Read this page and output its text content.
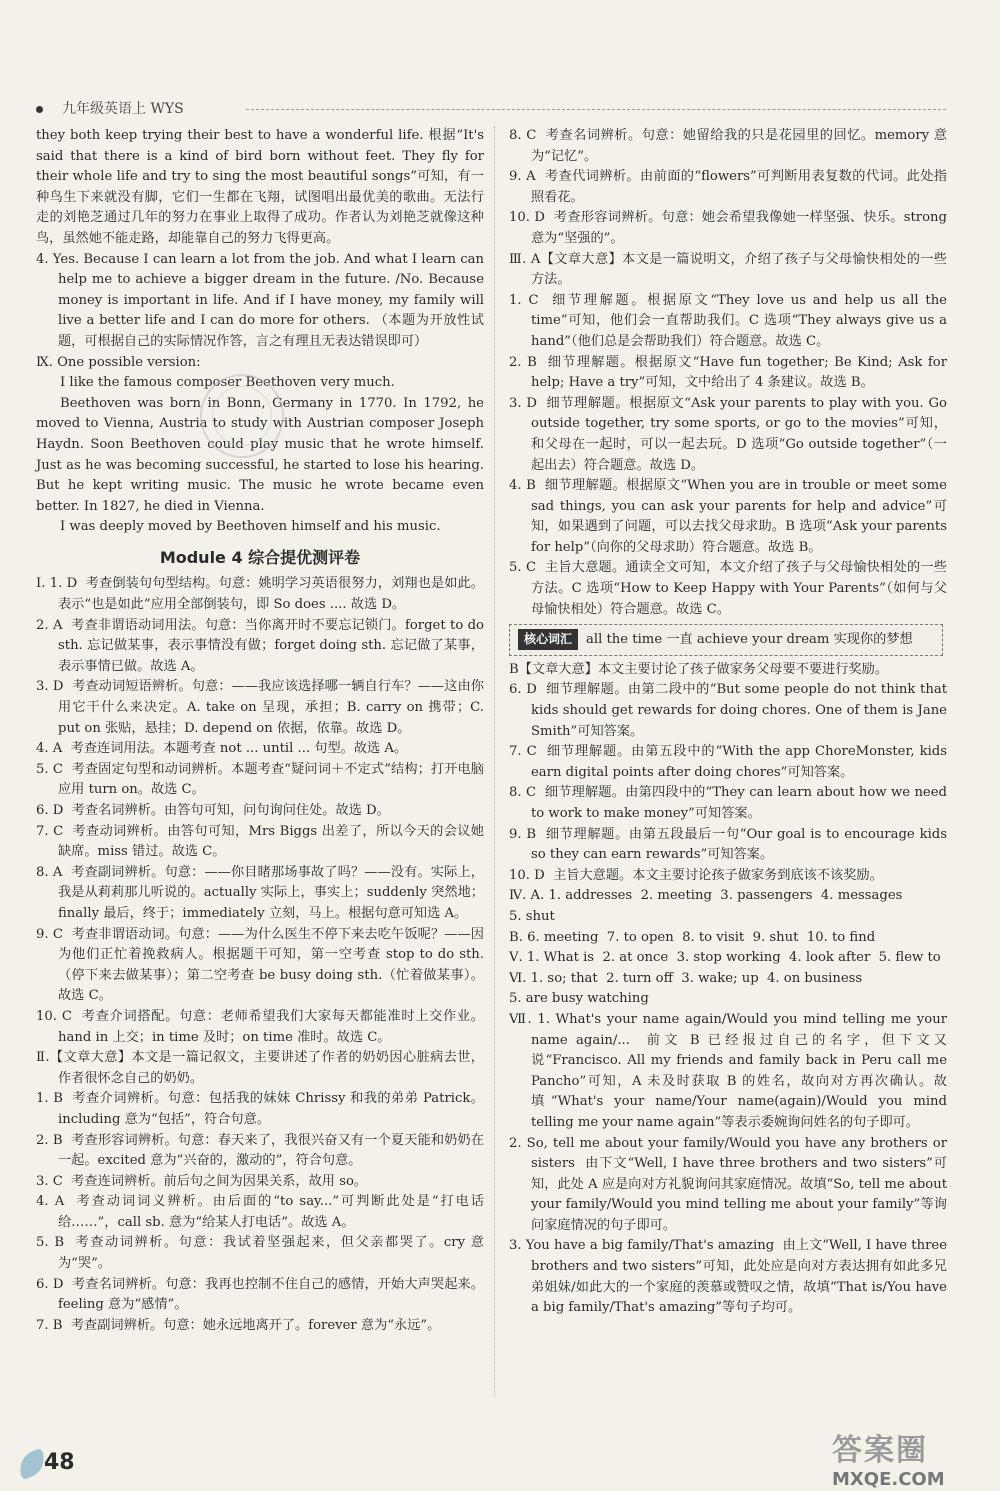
九年级英语上 WYS
they both keep trying their best to have a wonderful life. 根据“It's said that there is a kind of bird born without feet. They fly for their whole life and try to sing the most beautiful songs”可知，有一种鸟生下来就没有脚，它们一生都在飞翔，试图唱出最优美的歌曲。无法行走的刘艳芝通过几年的努力在事业上取得了成功。作者认为刘艳芝就像这种鸟，虽然她不能走路，却能靠自己的努力飞得更高。
4. Yes. Because I can learn a lot from the job. And what I learn can help me to achieve a bigger dream in the future. /No. Because money is important in life. And if I have money, my family will live a better life and I can do more for others. （本题为开放性试题，可根据自己的实际情况作答，言之有理且无表达错误即可）
Ⅸ. One possible version:
I like the famous composer Beethoven very much.
Beethoven was born in Bonn, Germany in 1770. In 1792, he moved to Vienna, Austria to study with Austrian composer Joseph Haydn. Soon Beethoven could play music that he wrote himself. Just as he was becoming successful, he started to lose his hearing. But he kept writing music. The music he wrote became even better. In 1827, he died in Vienna.
I was deeply moved by Beethoven himself and his music.
Module 4 综合提优测评卷
Ⅰ. 1. D  考查倒装句句型结构。句意：姚明学习英语很努力，刘翔也是如此。表示“也是如此”应用全部倒装句，即 So does .... 故选 D。
2. A  考查非谓语动词用法。句意：当你离开时不要忘记锁门。forget to do sth. 忘记做某事，表示事情没有做；forget doing sth. 忘记做了某事，表示事情已做。故选 A。
3. D  考查动词短语辨析。句意：——我应该选择哪一辆自行车？——这由你用它干什么来决定。A. take on 呈现，承担；B. carry on 携带；C. put on 张贴，悬挂；D. depend on 依据，依靠。故选 D。
4. A  考查连词用法。本题考查 not ... until ... 句型。故选 A。
5. C  考查固定句型和动词辨析。本题考查“疑问词＋不定式”结构；打开电脑应用 turn on。故选 C。
6. D  考查名词辨析。由答句可知，问句询问住处。故选 D。
7. C  考查动词辨析。由答句可知，Mrs Biggs 出差了，所以今天的会议她缺席。miss 错过。故选 C。
8. A  考查副词辨析。句意：——你目睹那场事故了吗？——没有。实际上，我是从莉莉那儿听说的。actually 实际上，事实上；suddenly 突然地；finally 最后，终于；immediately 立刻，马上。根据句意可知选 A。
9. C  考查非谓语动词。句意：——为什么医生不停下来去吃午饭呢？——因为他们正忙着挽救病人。根据题干可知，第一空考查 stop to do sth.（停下来去做某事）；第二空考查 be busy doing sth.（忙着做某事）。故选 C。
10. C  考查介词搭配。句意：老师希望我们大家每天都能准时上交作业。hand in 上交；in time 及时；on time 准时。故选 C。
Ⅱ.【文章大意】本文是一篇记叙文，主要讲述了作者的奶奶因心脏病去世，作者很怀念自己的奶奶。
1. B  考查介词辨析。句意：包括我的妹妹 Chrissy 和我的弟弟 Patrick。including 意为“包括”，符合句意。
2. B  考查形容词辨析。句意：春天来了，我很兴奋又有一个夏天能和奶奶在一起。excited 意为“兴奋的，激动的”，符合句意。
3. C  考查连词辨析。前后句之间为因果关系，故用 so。
4. A  考查动词词义辨析。由后面的“to say...”可判断此处是“打电话给……”，call sb. 意为“给某人打电话”。故选 A。
5. B  考查动词辨析。句意：我试着坚强起来，但父亲都哭了。cry 意为“哭”。
6. D  考查名词辨析。句意：我再也控制不住自己的感情，开始大声哭起来。feeling 意为“感情”。
7. B  考查副词辨析。句意：她永远地离开了。forever 意为“永远”。
8. C  考查名词辨析。句意：她留给我的只是花园里的回忆。memory 意为“记忆”。
9. A  考查代词辨析。由前面的“flowers”可判断用表复数的代词。此处指照看花。
10. D  考查形容词辨析。句意：她会希望我像她一样坚强、快乐。strong 意为“坚强的”。
Ⅲ. A【文章大意】本文是一篇说明文，介绍了孩子与父母愉快相处的一些方法。
1. C  细节理解题。根据原文“They love us and help us all the time”可知，他们会一直帮助我们。C 选项“They always give us a hand”（他们总是会帮助我们）符合题意。故选 C。
2. B  细节理解题。根据原文“Have fun together; Be Kind; Ask for help; Have a try”可知，文中给出了 4 条建议。故选 B。
3. D  细节理解题。根据原文“Ask your parents to play with you. Go outside together, try some sports, or go to the movies”可知，和父母在一起时，可以一起去玩。D 选项“Go outside together”（一起出去）符合题意。故选 D。
4. B  细节理解题。根据原文“When you are in trouble or meet some sad things, you can ask your parents for help and advice”可知，如果遇到了问题，可以去找父母求助。B 选项“Ask your parents for help”（向你的父母求助）符合题意。故选 B。
5. C  主旨大意题。通读全文可知，本文介绍了孩子与父母愉快相处的一些方法。C 选项“How to Keep Happy with Your Parents”（如何与父母愉快相处）符合题意。故选 C。
核心词汇 all the time 一直 achieve your dream 实现你的梦想
B【文章大意】本文主要讨论了孩子做家务父母要不要进行奖励。
6. D  细节理解题。由第二段中的“But some people do not think that kids should get rewards for doing chores. One of them is Jane Smith”可知答案。
7. C  细节理解题。由第五段中的“With the app ChoreMonster, kids earn digital points after doing chores”可知答案。
8. C  细节理解题。由第四段中的“They can learn about how we need to work to make money”可知答案。
9. B  细节理解题。由第五段最后一句“Our goal is to encourage kids so they can earn rewards”可知答案。
10. D  主旨大意题。本文主要讨论孩子做家务到底该不该奖励。
Ⅳ. A. 1. addresses  2. meeting  3. passengers  4. messages
5. shut
B. 6. meeting  7. to open  8. to visit  9. shut  10. to find
Ⅴ. 1. What is  2. at once  3. stop working  4. look after  5. flew to
Ⅵ. 1. so; that  2. turn off  3. wake; up  4. on business
5. are busy watching
Ⅶ. 1. What's your name again/Would you mind telling me your name again/...  前文 B 已经报过自己的名字，但下文又说“Francisco. All my friends and family back in Peru call me Pancho”可知，A 未及时获取 B 的姓名，故向对方再次确认。故填“What's your name/Your name(again)/Would you mind telling me your name again”等表示委婉询问姓名的句子即可。
2. So, tell me about your family/Would you have any brothers or sisters  由下文“Well, I have three brothers and two sisters”可知，此处 A 应是向对方礼貌询问其家庭情况。故填“So, tell me about your family/Would you mind telling me about your family”等询问家庭情况的句子即可。
3. You have a big family/That's amazing  由上文“Well, I have three brothers and two sisters”可知，此处应是向对方表达拥有如此多兄弟姐妹/如此大的一个家庭的羡慕或赞叹之情，故填“That is/You have a big family/That's amazing”等句子均可。
48	答案圈
MXQE.COM
